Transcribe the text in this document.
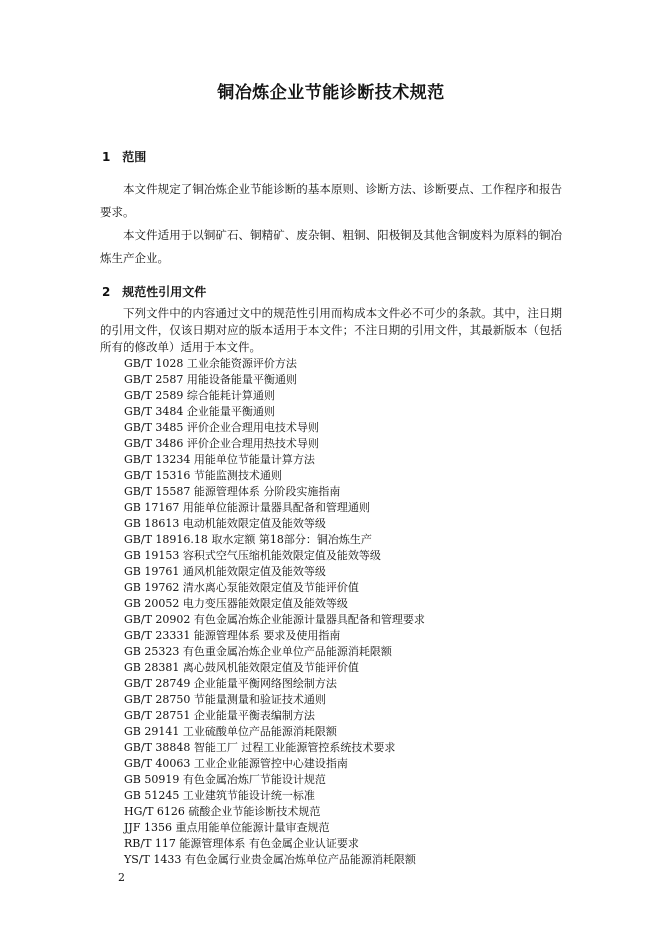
铜冶炼企业节能诊断技术规范
1 范围

本文件规定了铜冶炼企业节能诊断的基本原则、诊断方法、诊断要点、工作程序和报告要求。

本文件适用于以铜矿石、铜精矿、废杂铜、粗铜、阳极铜及其他含铜废料为原料的铜冶炼生产企业。

2 规范性引用文件

下列文件中的内容通过文中的规范性引用而构成本文件必不可少的条款。其中，注日期的引用文件，仅该日期对应的版本适用于本文件；不注日期的引用文件，其最新版本（包括所有的修改单）适用于本文件。

GB/T 1028 工业余能资源评价方法
GB/T 2587 用能设备能量平衡通则
GB/T 2589 综合能耗计算通则
GB/T 3484 企业能量平衡通则
GB/T 3485 评价企业合理用电技术导则
GB/T 3486 评价企业合理用热技术导则
GB/T 13234 用能单位节能量计算方法
GB/T 15316 节能监测技术通则
GB/T 15587 能源管理体系 分阶段实施指南
GB 17167 用能单位能源计量器具配备和管理通则
GB 18613 电动机能效限定值及能效等级
GB/T 18916.18 取水定额 第18部分：铜冶炼生产
GB 19153 容积式空气压缩机能效限定值及能效等级
GB 19761 通风机能效限定值及能效等级
GB 19762 清水离心泵能效限定值及节能评价值
GB 20052 电力变压器能效限定值及能效等级
GB/T 20902 有色金属冶炼企业能源计量器具配备和管理要求
GB/T 23331 能源管理体系 要求及使用指南
GB 25323 有色重金属冶炼企业单位产品能源消耗限额
GB 28381 离心鼓风机能效限定值及节能评价值
GB/T 28749 企业能量平衡网络图绘制方法
GB/T 28750 节能量测量和验证技术通则
GB/T 28751 企业能量平衡表编制方法
GB 29141 工业硫酸单位产品能源消耗限额
GB/T 38848 智能工厂 过程工业能源管控系统技术要求
GB/T 40063 工业企业能源管控中心建设指南
GB 50919 有色金属冶炼厂节能设计规范
GB 51245 工业建筑节能设计统一标准
HG/T 6126 硫酸企业节能诊断技术规范
JJF 1356 重点用能单位能源计量审查规范
RB/T 117 能源管理体系 有色金属企业认证要求
YS/T 1433 有色金属行业贵金属冶炼单位产品能源消耗限额
2
